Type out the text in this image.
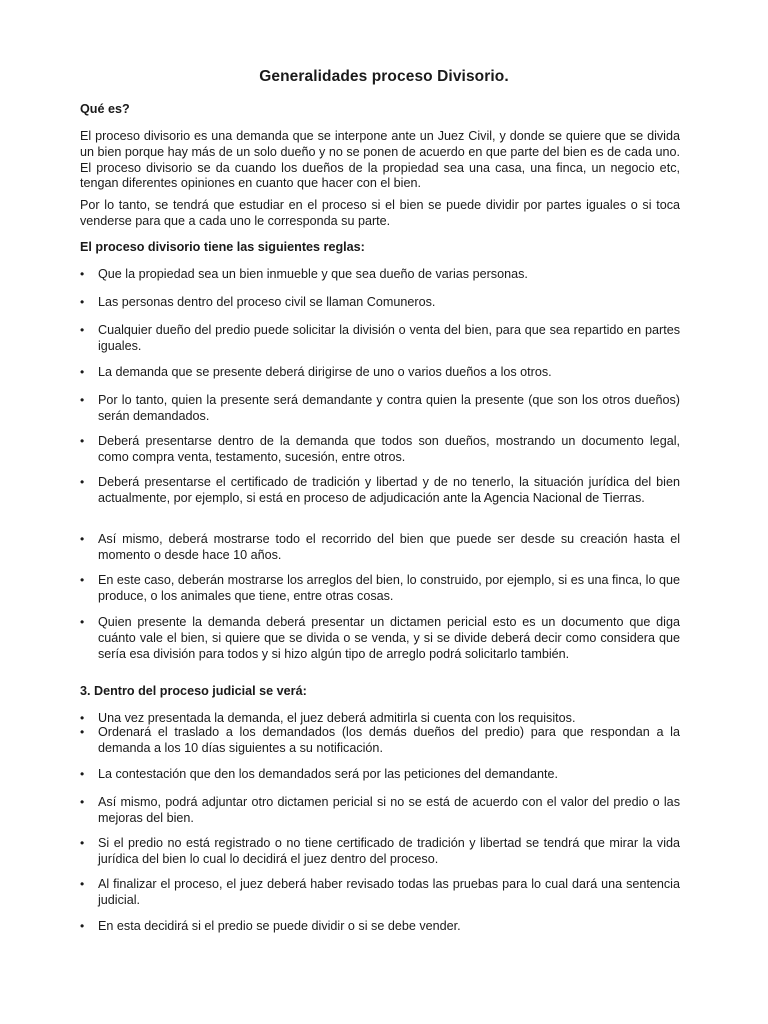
Generalidades proceso Divisorio.
Qué es?
El proceso divisorio es una demanda que se interpone ante un Juez Civil, y donde se quiere que se divida un bien porque hay más de un solo dueño y no se ponen de acuerdo en que parte del bien es de cada uno. El proceso divisorio se da cuando los dueños de la propiedad sea una casa, una finca, un negocio etc, tengan diferentes opiniones en cuanto que hacer con el bien.
Por lo tanto, se tendrá que estudiar en el proceso si el bien se puede dividir por partes iguales o si toca venderse para que a cada uno le corresponda su parte.
El proceso divisorio tiene las siguientes reglas:
•	Que la propiedad sea un bien inmueble y que sea dueño de varias personas.
•	Las personas dentro del proceso civil se llaman Comuneros.
•	Cualquier dueño del predio puede solicitar la división o venta del bien, para que sea repartido en partes iguales.
•	La demanda que se presente deberá dirigirse de uno o varios dueños a los otros.
•	Por lo tanto, quien la presente será demandante y contra quien la presente (que son los otros dueños) serán demandados.
•	Deberá presentarse dentro de la demanda que todos son dueños, mostrando un documento legal, como compra venta, testamento, sucesión, entre otros.
•	Deberá presentarse el certificado de tradición y libertad y de no tenerlo, la situación jurídica del bien actualmente, por ejemplo, si está en proceso de adjudicación ante la Agencia Nacional de Tierras.
•	Así mismo, deberá mostrarse todo el recorrido del bien que puede ser desde su creación hasta el momento o desde hace 10 años.
•	En este caso, deberán mostrarse los arreglos del bien, lo construido, por ejemplo, si es una finca, lo que produce, o los animales que tiene, entre otras cosas.
•	Quien presente la demanda deberá presentar un dictamen pericial esto es un documento que diga cuánto vale el bien, si quiere que se divida o se venda, y si se divide deberá decir como considera que sería esa división para todos y si hizo algún tipo de arreglo podrá solicitarlo también.
3. Dentro del proceso judicial se verá:
•	Una vez presentada la demanda, el juez deberá admitirla si cuenta con los requisitos.
•	Ordenará el traslado a los demandados (los demás dueños del predio) para que respondan a la demanda a los 10 días siguientes a su notificación.
•	La contestación que den los demandados será por las peticiones del demandante.
•	Así mismo, podrá adjuntar otro dictamen pericial si no se está de acuerdo con el valor del predio o las mejoras del bien.
•	Si el predio no está registrado o no tiene certificado de tradición y libertad se tendrá que mirar la vida jurídica del bien lo cual lo decidirá el juez dentro del proceso.
•	Al finalizar el proceso, el juez deberá haber revisado todas las pruebas para lo cual dará una sentencia judicial.
•	En esta decidirá si el predio se puede dividir o si se debe vender.
